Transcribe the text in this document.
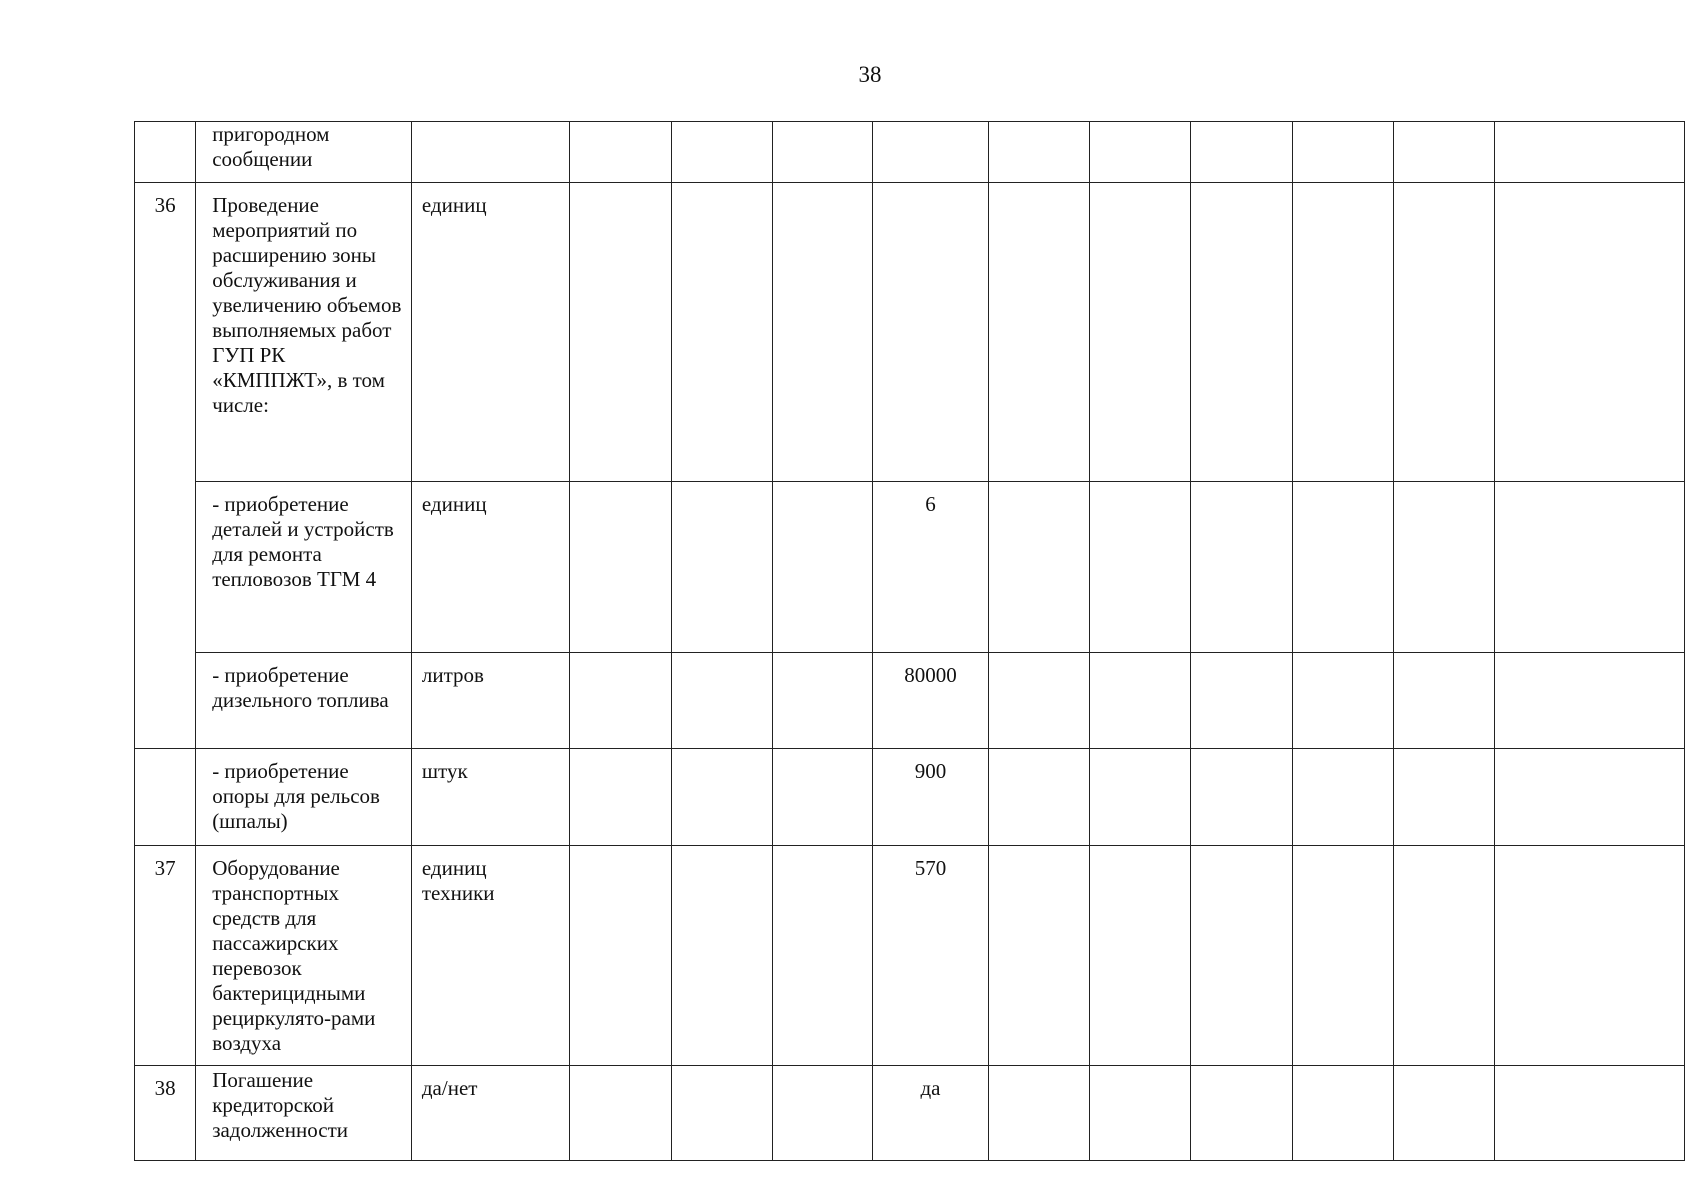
38
	пригородном сообщении											
36	Проведение мероприятий по расширению зоны обслуживания и увеличению объемов выполняемых работ ГУП РК «КМППЖТ», в том числе:	единиц										
	- приобретение деталей и устройств для ремонта тепловозов ТГМ 4	единиц				6						
	- приобретение дизельного топлива	литров				80000						
	- приобретение опоры для рельсов (шпалы)	штук				900						
37	Оборудование транспортных средств для пассажирских перевозок бактерицидными рециркулято-рами воздуха	единиц техники				570						
38	Погашение кредиторской задолженности	да/нет				да						
